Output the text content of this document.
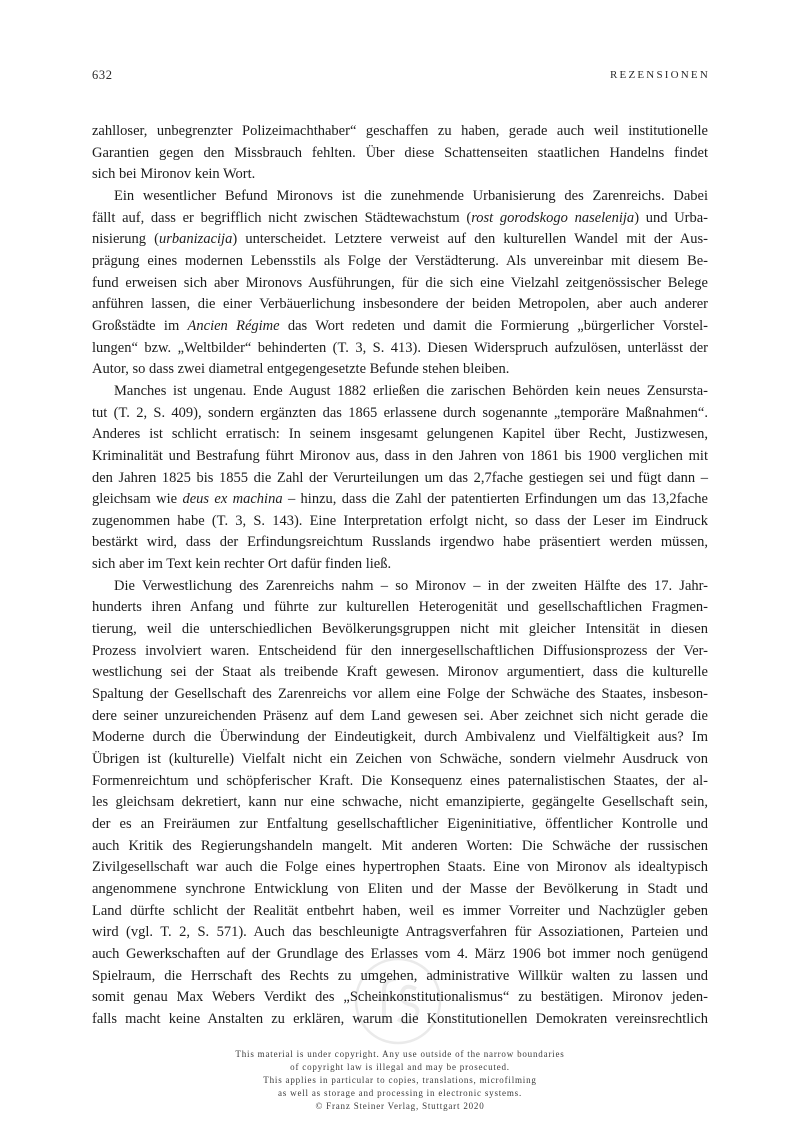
632	REZENSIONEN
zahlloser, unbegrenzter Polizeimachthaber“ geschaffen zu haben, gerade auch weil institutionelle
Garantien gegen den Missbrauch fehlten. Über diese Schattenseiten staatlichen Handelns findet
sich bei Mironov kein Wort.
Ein wesentlicher Befund Mironovs ist die zunehmende Urbanisierung des Zarenreichs. Dabei
fällt auf, dass er begrifflich nicht zwischen Städtewachstum (rost gorodskogo naselenija) und Urba-
nisierung (urbanizacija) unterscheidet. Letztere verweist auf den kulturellen Wandel mit der Aus-
prägung eines modernen Lebensstils als Folge der Verstädterung. Als unvereinbar mit diesem Be-
fund erweisen sich aber Mironovs Ausführungen, für die sich eine Vielzahl zeitgenössischer Belege
anführen lassen, die einer Verbäuerlichung insbesondere der beiden Metropolen, aber auch anderer
Großstädte im Ancien Régime das Wort redeten und damit die Formierung „bürgerlicher Vorstel-
lungen“ bzw. „Weltbilder“ behinderten (T. 3, S. 413). Diesen Widerspruch aufzulösen, unterlässt der
Autor, so dass zwei diametral entgegengesetzte Befunde stehen bleiben.
Manches ist ungenau. Ende August 1882 erließen die zarischen Behörden kein neues Zensursta-
tut (T. 2, S. 409), sondern ergänzten das 1865 erlassene durch sogenannte „temporäre Maßnahmen“.
Anderes ist schlicht erratisch: In seinem insgesamt gelungenen Kapitel über Recht, Justizwesen,
Kriminalität und Bestrafung führt Mironov aus, dass in den Jahren von 1861 bis 1900 verglichen mit
den Jahren 1825 bis 1855 die Zahl der Verurteilungen um das 2,7fache gestiegen sei und fügt dann –
gleichsam wie deus ex machina – hinzu, dass die Zahl der patentierten Erfindungen um das 13,2fache
zugenommen habe (T. 3, S. 143). Eine Interpretation erfolgt nicht, so dass der Leser im Eindruck
bestärkt wird, dass der Erfindungsreichtum Russlands irgendwo habe präsentiert werden müssen,
sich aber im Text kein rechter Ort dafür finden ließ.
Die Verwestlichung des Zarenreichs nahm – so Mironov – in der zweiten Hälfte des 17. Jahr-
hunderts ihren Anfang und führte zur kulturellen Heterogenität und gesellschaftlichen Fragmen-
tierung, weil die unterschiedlichen Bevölkerungsgruppen nicht mit gleicher Intensität in diesen
Prozess involviert waren. Entscheidend für den innergesellschaftlichen Diffusionsprozess der Ver-
westlichung sei der Staat als treibende Kraft gewesen. Mironov argumentiert, dass die kulturelle
Spaltung der Gesellschaft des Zarenreichs vor allem eine Folge der Schwäche des Staates, insbeson-
dere seiner unzureichenden Präsenz auf dem Land gewesen sei. Aber zeichnet sich nicht gerade die
Moderne durch die Überwindung der Eindeutigkeit, durch Ambivalenz und Vielfältigkeit aus? Im
Übrigen ist (kulturelle) Vielfalt nicht ein Zeichen von Schwäche, sondern vielmehr Ausdruck von
Formenreichtum und schöpferischer Kraft. Die Konsequenz eines paternalistischen Staates, der al-
les gleichsam dekretiert, kann nur eine schwache, nicht emanzipierte, gegängelte Gesellschaft sein,
der es an Freiräumen zur Entfaltung gesellschaftlicher Eigeninitiative, öffentlicher Kontrolle und
auch Kritik des Regierungshandeln mangelt. Mit anderen Worten: Die Schwäche der russischen
Zivilgesellschaft war auch die Folge eines hypertrophen Staats. Eine von Mironov als idealtypisch
angenommene synchrone Entwicklung von Eliten und der Masse der Bevölkerung in Stadt und
Land dürfte schlicht der Realität entbehrt haben, weil es immer Vorreiter und Nachzügler geben
wird (vgl. T. 2, S. 571). Auch das beschleunigte Antragsverfahren für Assoziationen, Parteien und
auch Gewerkschaften auf der Grundlage des Erlasses vom 4. März 1906 bot immer noch genügend
Spielraum, die Herrschaft des Rechts zu umgehen, administrative Willkür walten zu lassen und
somit genau Max Webers Verdikt des „Scheinkonstitutionalismus“ zu bestätigen. Mironov jeden-
falls macht keine Anstalten zu erklären, warum die Konstitutionellen Demokraten vereinsrechtlich
This material is under copyright. Any use outside of the narrow boundaries
of copyright law is illegal and may be prosecuted.
This applies in particular to copies, translations, microfilming
as well as storage and processing in electronic systems.
© Franz Steiner Verlag, Stuttgart 2020
